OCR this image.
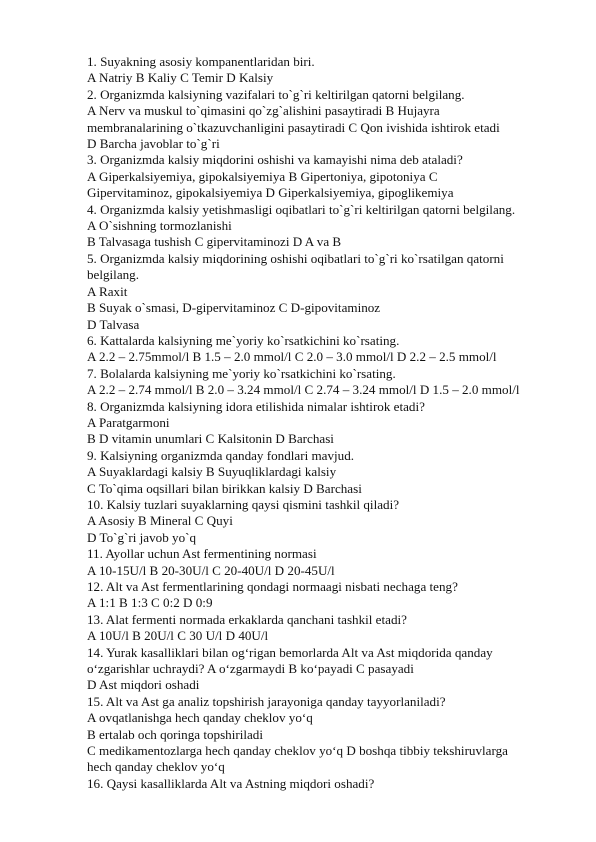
1. Suyakning asosiy kompanentlaridan biri.
A Natriy B Kaliy C Temir D Kalsiy
2. Organizmda kalsiyning vazifalari to`g`ri keltirilgan qatorni belgilang.
A Nerv va muskul to`qimasini qo`zg`alishini pasaytiradi B Hujayra
membranalarining o`tkazuvchanligini pasaytiradi C Qon ivishida ishtirok etadi
D Barcha javoblar to`g`ri
3. Organizmda kalsiy miqdorini oshishi va kamayishi nima deb ataladi?
A Giperkalsiyemiya, gipokalsiyemiya B Gipertoniya, gipotoniya C
Gipervitaminoz, gipokalsiyemiya D Giperkalsiyemiya, gipoglikemiya
4. Organizmda kalsiy yetishmasligi oqibatlari to`g`ri keltirilgan qatorni belgilang.
A O`sishning tormozlanishi
B Talvasaga tushish C gipervitaminozi D A va B
5. Organizmda kalsiy miqdorining oshishi oqibatlari to`g`ri ko`rsatilgan qatorni
belgilang.
A Raxit
B Suyak o`smasi, D-gipervitaminoz C D-gipovitaminoz
D Talvasa
6. Kattalarda kalsiyning me`yoriy ko`rsatkichini ko`rsating.
A 2.2 – 2.75mmol/l B 1.5 – 2.0 mmol/l C 2.0 – 3.0 mmol/l D 2.2 – 2.5 mmol/l
7. Bolalarda kalsiyning me`yoriy ko`rsatkichini ko`rsating.
A 2.2 – 2.74 mmol/l B 2.0 – 3.24 mmol/l C 2.74 – 3.24 mmol/l D 1.5 – 2.0 mmol/l
8. Organizmda kalsiyning idora etilishida nimalar ishtirok etadi?
A Paratgarmoni
B D vitamin unumlari C Kalsitonin D Barchasi
9. Kalsiyning organizmda qanday fondlari mavjud.
A Suyaklardagi kalsiy B Suyuqliklardagi kalsiy
C To`qima oqsillari bilan birikkan kalsiy D Barchasi
10. Kalsiy tuzlari suyaklarning qaysi qismini tashkil qiladi?
A Asosiy B Mineral C Quyi
D To`g`ri javob yo`q
11. Ayollar uchun Ast fermentining normasi
A 10-15U/l B 20-30U/l C 20-40U/l D 20-45U/l
12. Alt va Ast fermentlarining qondagi normaagi nisbati nechaga teng?
A 1:1 B 1:3 C 0:2 D 0:9
13. Alat fermenti normada erkaklarda qanchani tashkil etadi?
A 10U/l B 20U/l C 30 U/l D 40U/l
14. Yurak kasalliklari bilan og‘rigan bemorlarda Alt va Ast miqdorida qanday
o‘zgarishlar uchraydi? A o‘zgarmaydi B ko‘payadi C pasayadi
D Ast miqdori oshadi
15. Alt va Ast ga analiz topshirish jarayoniga qanday tayyorlaniladi?
A ovqatlanishga hech qanday cheklov yo‘q
B ertalab och qoringa topshiriladi
C medikamentozlarga hech qanday cheklov yo‘q D boshqa tibbiy tekshiruvlarga
hech qanday cheklov yo‘q
16. Qaysi kasalliklarda Alt va Astning miqdori oshadi?
